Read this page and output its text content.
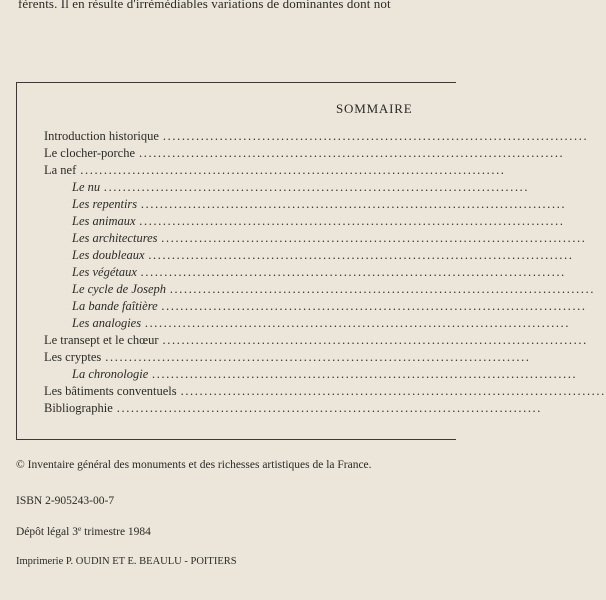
férents. Il en résulte d'irrémédiables variations de dominantes dont not
SOMMAIRE
Introduction historique ..........................................................................................
Le clocher-porche ..........................................................................................
La nef ..........................................................................................
Le nu ..........................................................................................
Les repentirs ..........................................................................................
Les animaux ..........................................................................................
Les architectures ..........................................................................................
Les doubleaux ..........................................................................................
Les végétaux ..........................................................................................
Le cycle de Joseph ..........................................................................................
La bande faîtière ..........................................................................................
Les analogies ..........................................................................................
Le transept et le chœur ..........................................................................................
Les cryptes ..........................................................................................
La chronologie ..........................................................................................
Les bâtiments conventuels ..........................................................................................
Bibliographie ..........................................................................................
© Inventaire général des monuments et des richesses artistiques de la France.
ISBN 2-905243-00-7
Dépôt légal 3e trimestre 1984
Imprimerie P. OUDIN ET E. BEAULU - POITIERS
